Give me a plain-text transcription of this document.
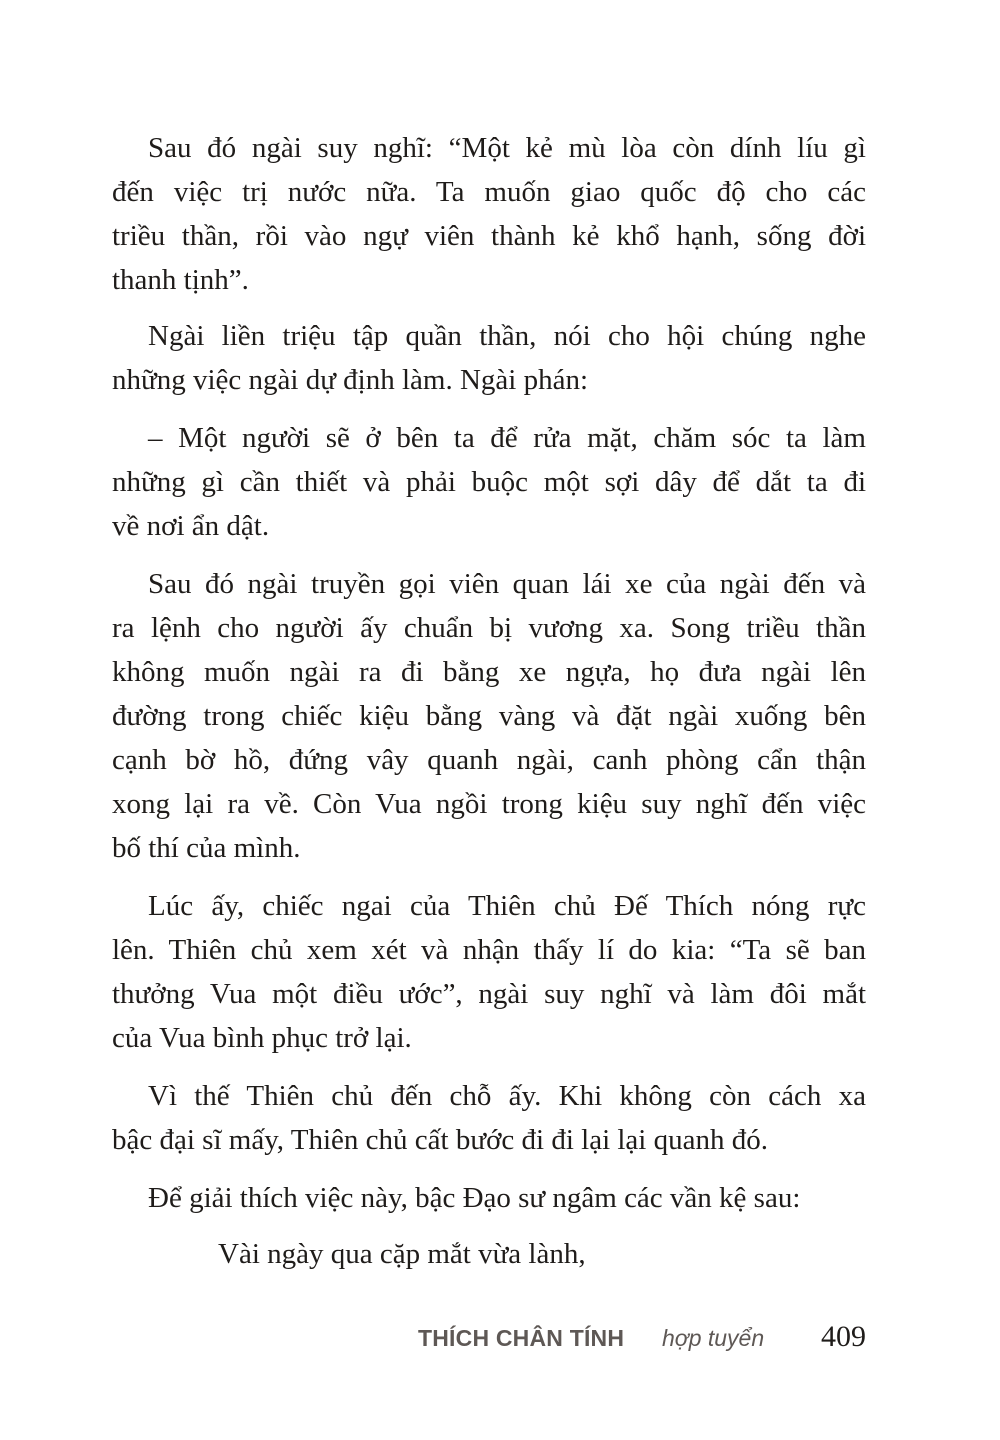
Sau đó ngài suy nghĩ: “Một kẻ mù lòa còn dính líu gì
đến việc trị nước nữa. Ta muốn giao quốc độ cho các
triều thần, rồi vào ngự viên thành kẻ khổ hạnh, sống đời
thanh tịnh”.
Ngài liền triệu tập quần thần, nói cho hội chúng nghe
những việc ngài dự định làm. Ngài phán:
– Một người sẽ ở bên ta để rửa mặt, chăm sóc ta làm
những gì cần thiết và phải buộc một sợi dây để dắt ta đi
về nơi ẩn dật.
Sau đó ngài truyền gọi viên quan lái xe của ngài đến và
ra lệnh cho người ấy chuẩn bị vương xa. Song triều thần
không muốn ngài ra đi bằng xe ngựa, họ đưa ngài lên
đường trong chiếc kiệu bằng vàng và đặt ngài xuống bên
cạnh bờ hồ, đứng vây quanh ngài, canh phòng cẩn thận
xong lại ra về. Còn Vua ngồi trong kiệu suy nghĩ đến việc
bố thí của mình.
Lúc ấy, chiếc ngai của Thiên chủ Đế Thích nóng rực
lên. Thiên chủ xem xét và nhận thấy lí do kia: “Ta sẽ ban
thưởng Vua một điều ước”, ngài suy nghĩ và làm đôi mắt
của Vua bình phục trở lại.
Vì thế Thiên chủ đến chỗ ấy. Khi không còn cách xa
bậc đại sĩ mấy, Thiên chủ cất bước đi đi lại lại quanh đó.
Để giải thích việc này, bậc Đạo sư ngâm các vần kệ sau:
Vài ngày qua cặp mắt vừa lành,
THÍCH CHÂN TÍNH hợp tuyển 409
